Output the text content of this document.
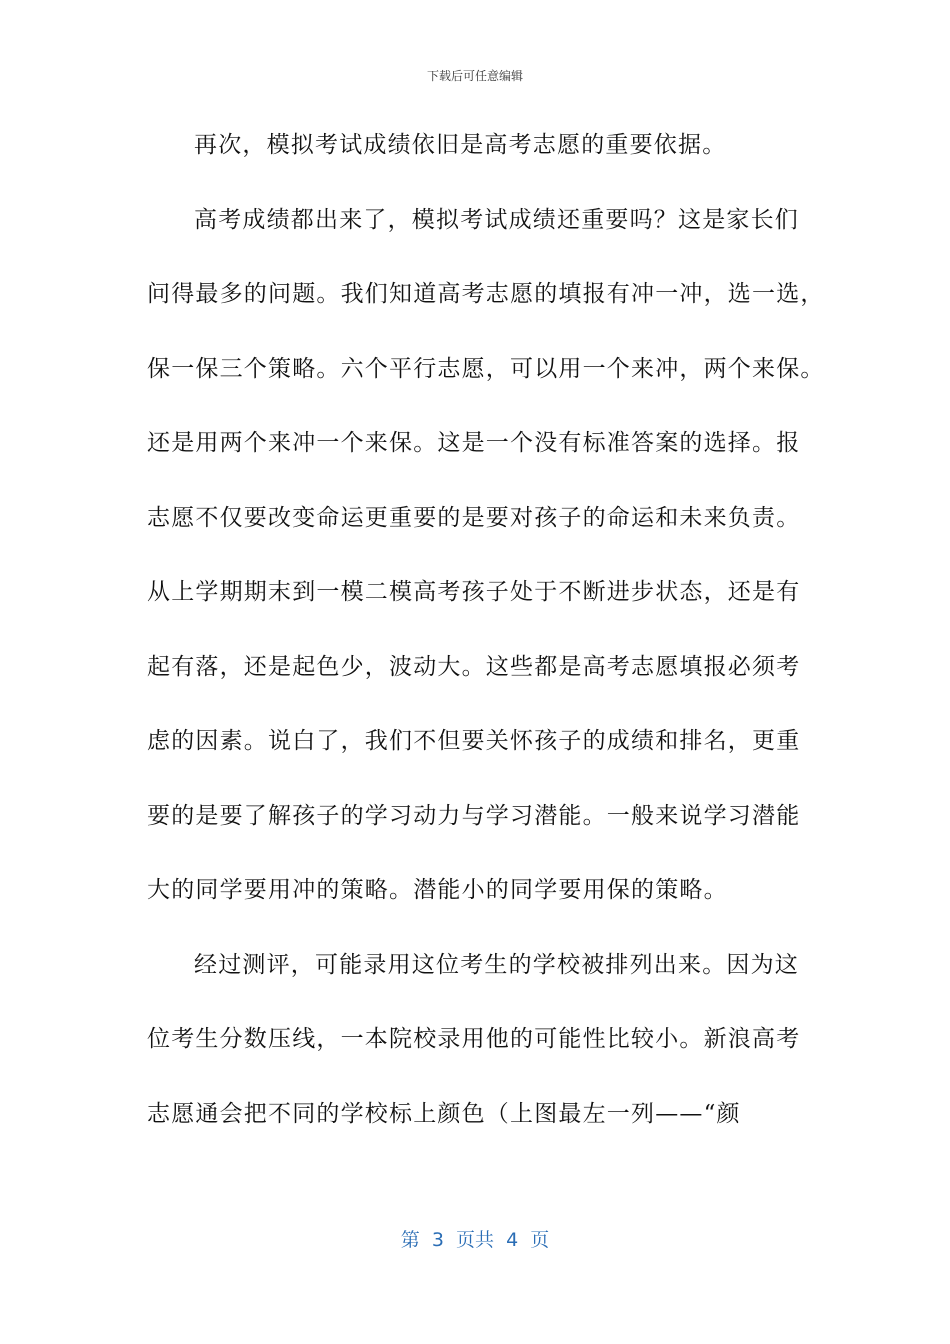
下载后可任意编辑
再次，模拟考试成绩依旧是高考志愿的重要依据。
高考成绩都出来了，模拟考试成绩还重要吗？这是家长们
问得最多的问题。我们知道高考志愿的填报有冲一冲，选一选，
保一保三个策略。六个平行志愿，可以用一个来冲，两个来保。
还是用两个来冲一个来保。这是一个没有标准答案的选择。报
志愿不仅要改变命运更重要的是要对孩子的命运和未来负责。
从上学期期末到一模二模高考孩子处于不断进步状态，还是有
起有落，还是起色少，波动大。这些都是高考志愿填报必须考
虑的因素。说白了，我们不但要关怀孩子的成绩和排名，更重
要的是要了解孩子的学习动力与学习潜能。一般来说学习潜能
大的同学要用冲的策略。潜能小的同学要用保的策略。
经过测评，可能录用这位考生的学校被排列出来。因为这
位考生分数压线，一本院校录用他的可能性比较小。新浪高考
志愿通会把不同的学校标上颜色（上图最左一列——“颜
第  3  页共  4  页
